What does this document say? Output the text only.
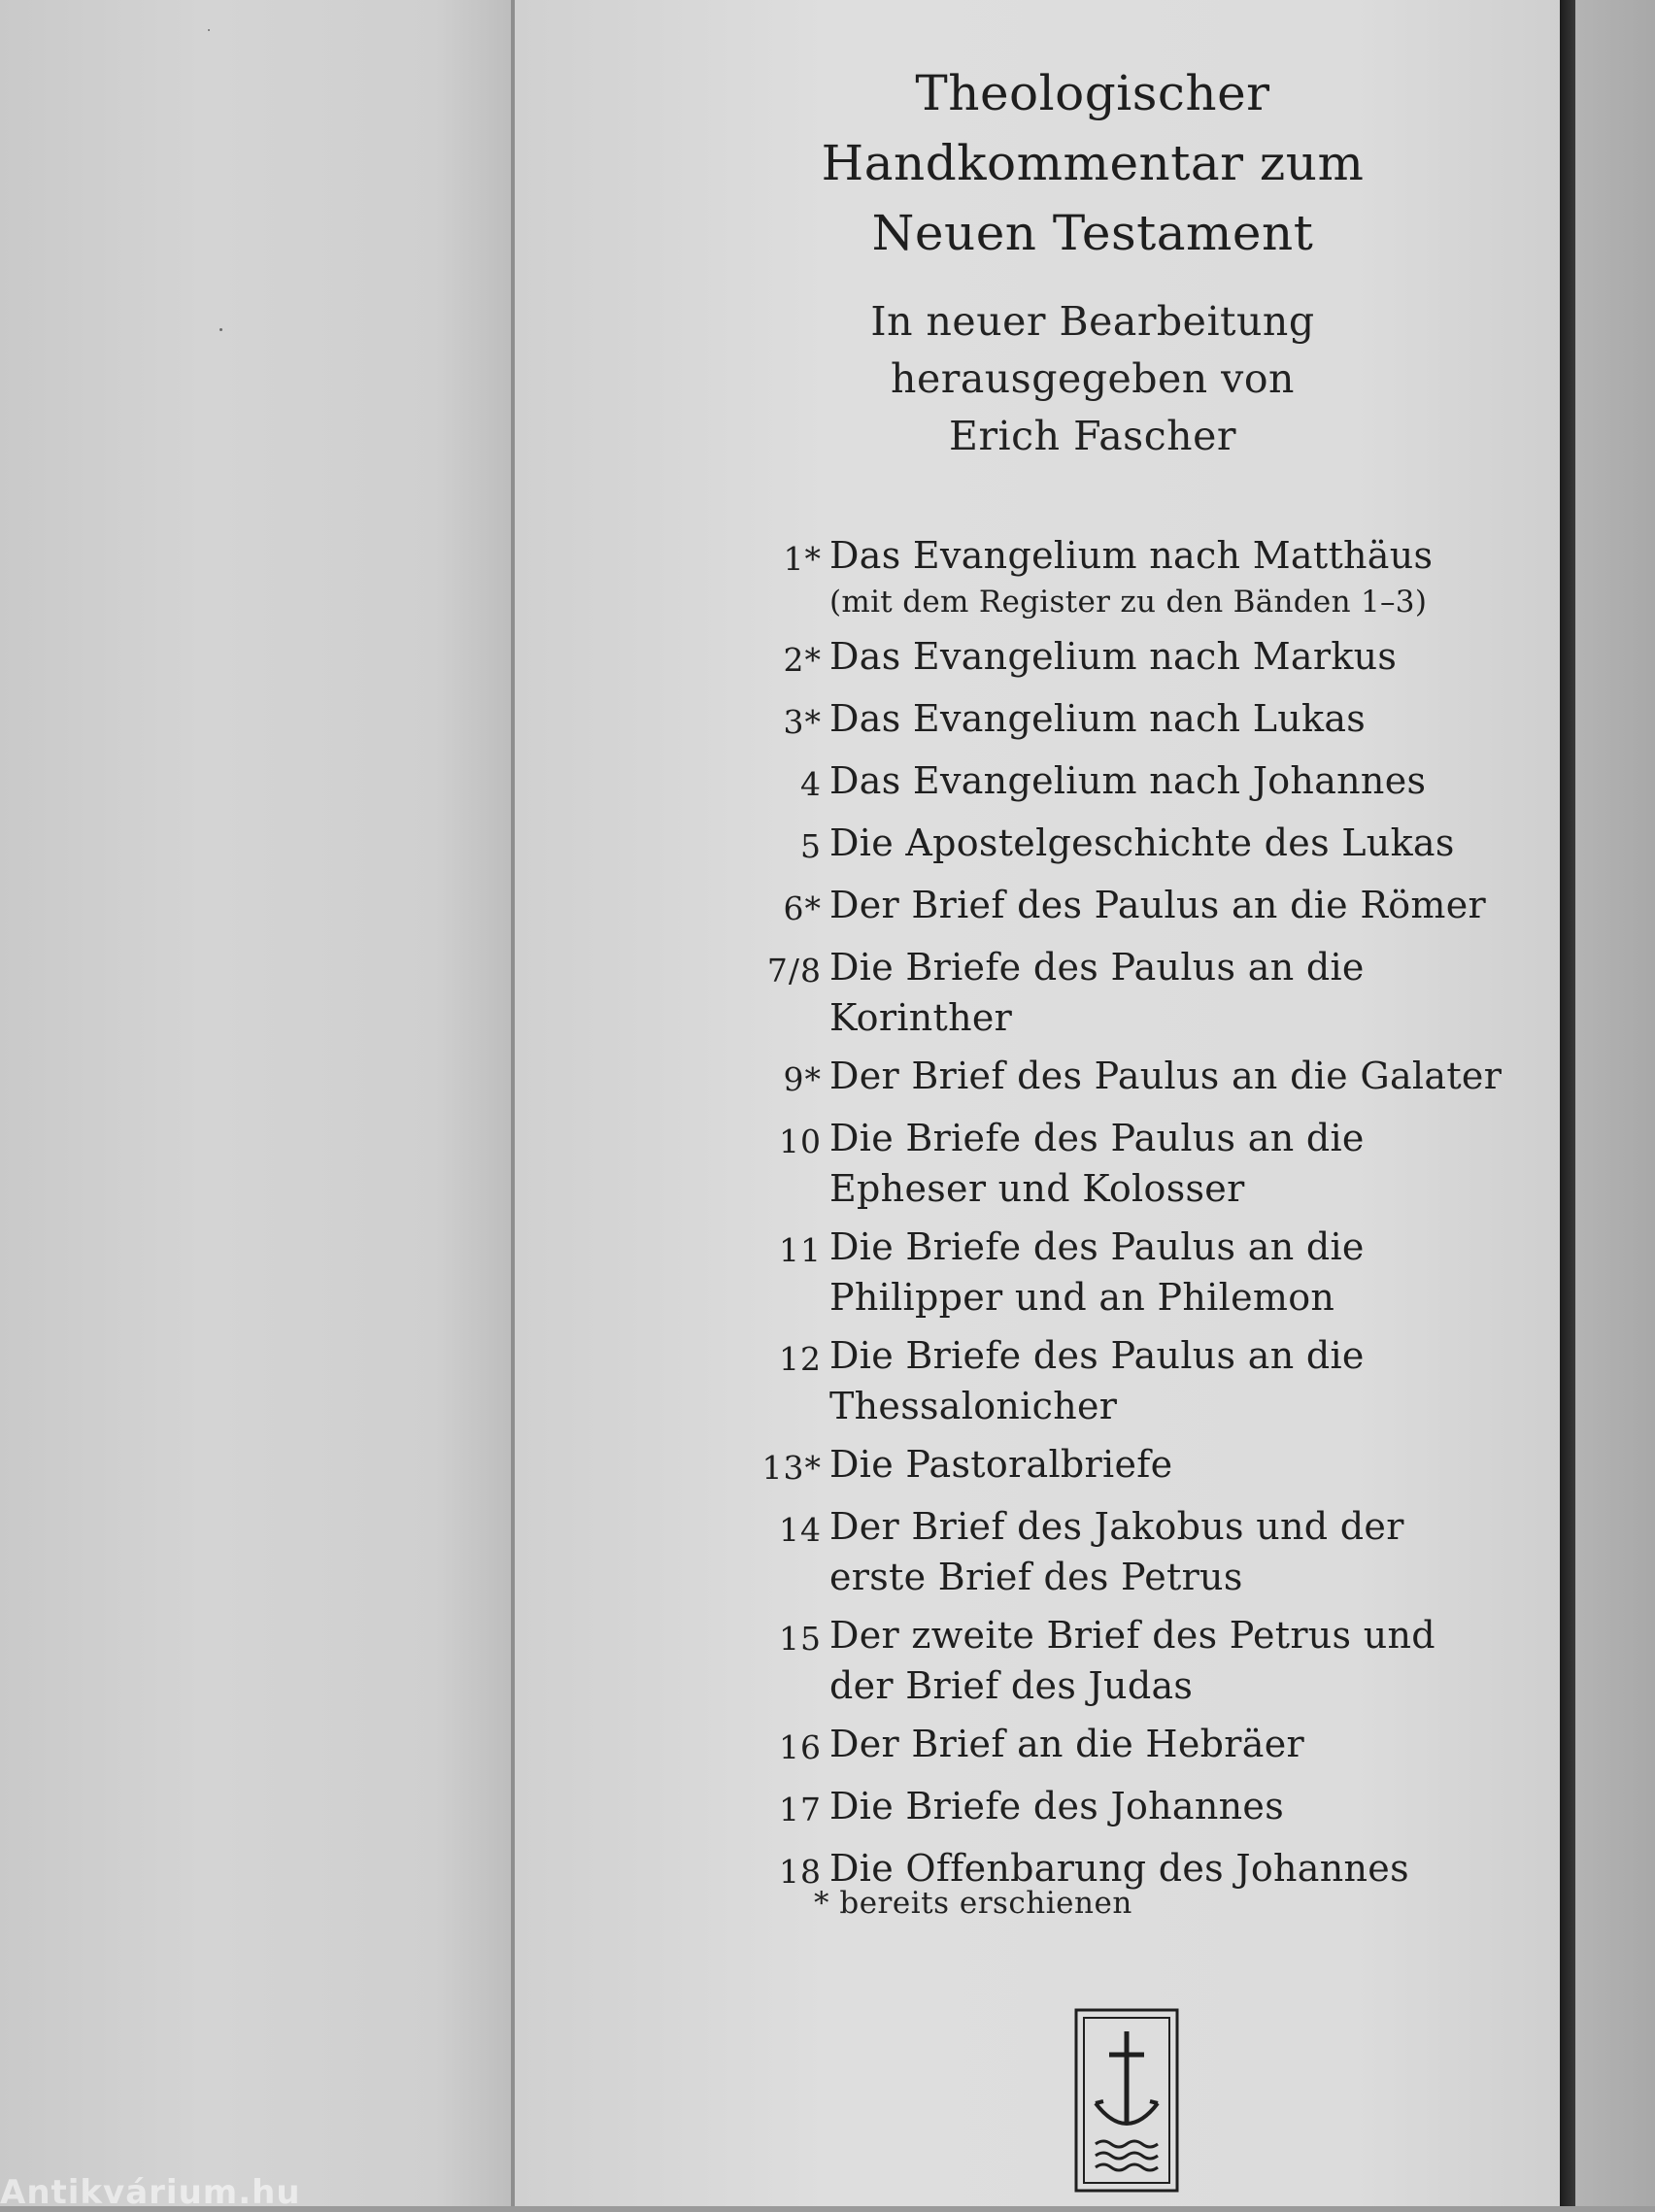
Theologischer
Handkommentar zum
Neuen Testament
In neuer Bearbeitung
herausgegeben von
Erich Fascher
1* Das Evangelium nach Matthäus
(mit dem Register zu den Bänden 1–3)
2* Das Evangelium nach Markus
3* Das Evangelium nach Lukas
4 Das Evangelium nach Johannes
5 Die Apostelgeschichte des Lukas
6* Der Brief des Paulus an die Römer
7/8 Die Briefe des Paulus an die
Korinther
9* Der Brief des Paulus an die Galater
10 Die Briefe des Paulus an die
Epheser und Kolosser
11 Die Briefe des Paulus an die
Philipper und an Philemon
12 Die Briefe des Paulus an die
Thessalonicher
13* Die Pastoralbriefe
14 Der Brief des Jakobus und der
erste Brief des Petrus
15 Der zweite Brief des Petrus und
der Brief des Judas
16 Der Brief an die Hebräer
17 Die Briefe des Johannes
18 Die Offenbarung des Johannes
* bereits erschienen
Antikvárium.hu
